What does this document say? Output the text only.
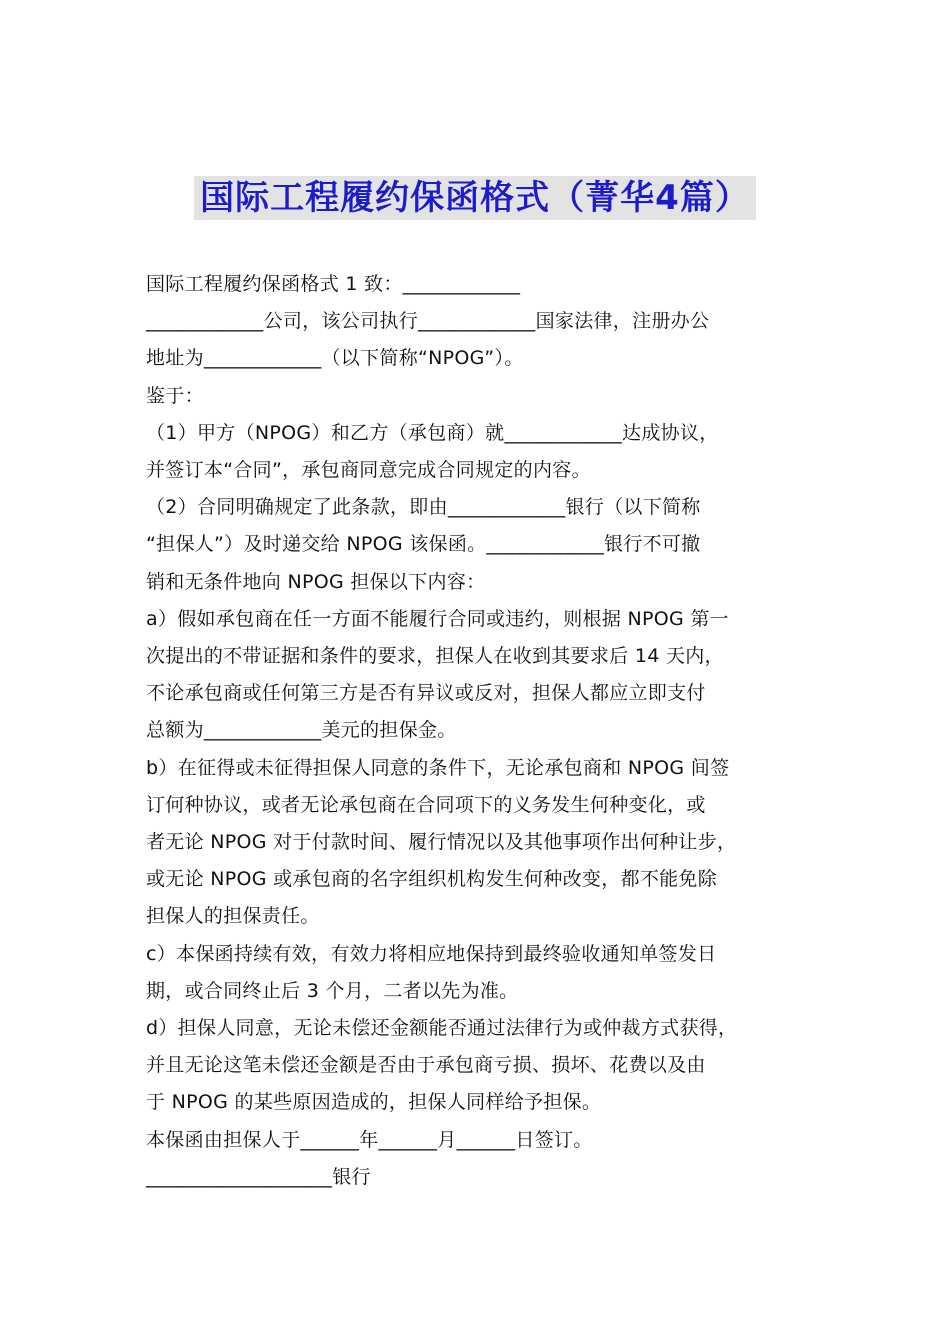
国际工程履约保函格式（菁华4篇）

国际工程履约保函格式 1 致：____________

____________公司，该公司执行____________国家法律，注册办公

地址为____________（以下简称“NPOG”）。

鉴于：

（1）甲方（NPOG）和乙方（承包商）就____________达成协议，

并签订本“合同”，承包商同意完成合同规定的内容。

（2）合同明确规定了此条款，即由____________银行（以下简称

“担保人”）及时递交给 NPOG 该保函。____________银行不可撤

销和无条件地向 NPOG 担保以下内容：

a）假如承包商在任一方面不能履行合同或违约，则根据 NPOG 第一

次提出的不带证据和条件的要求，担保人在收到其要求后 14 天内，

不论承包商或任何第三方是否有异议或反对，担保人都应立即支付

总额为____________美元的担保金。

b）在征得或未征得担保人同意的条件下，无论承包商和 NPOG 间签

订何种协议，或者无论承包商在合同项下的义务发生何种变化，或

者无论 NPOG 对于付款时间、履行情况以及其他事项作出何种让步，

或无论 NPOG 或承包商的名字组织机构发生何种改变，都不能免除

担保人的担保责任。

c）本保函持续有效，有效力将相应地保持到最终验收通知单签发日

期，或合同终止后 3 个月，二者以先为准。

d）担保人同意，无论未偿还金额能否通过法律行为或仲裁方式获得，

并且无论这笔未偿还金额是否由于承包商亏损、损坏、花费以及由

于 NPOG 的某些原因造成的，担保人同样给予担保。

本保函由担保人于______年______月______日签订。

___________________银行
